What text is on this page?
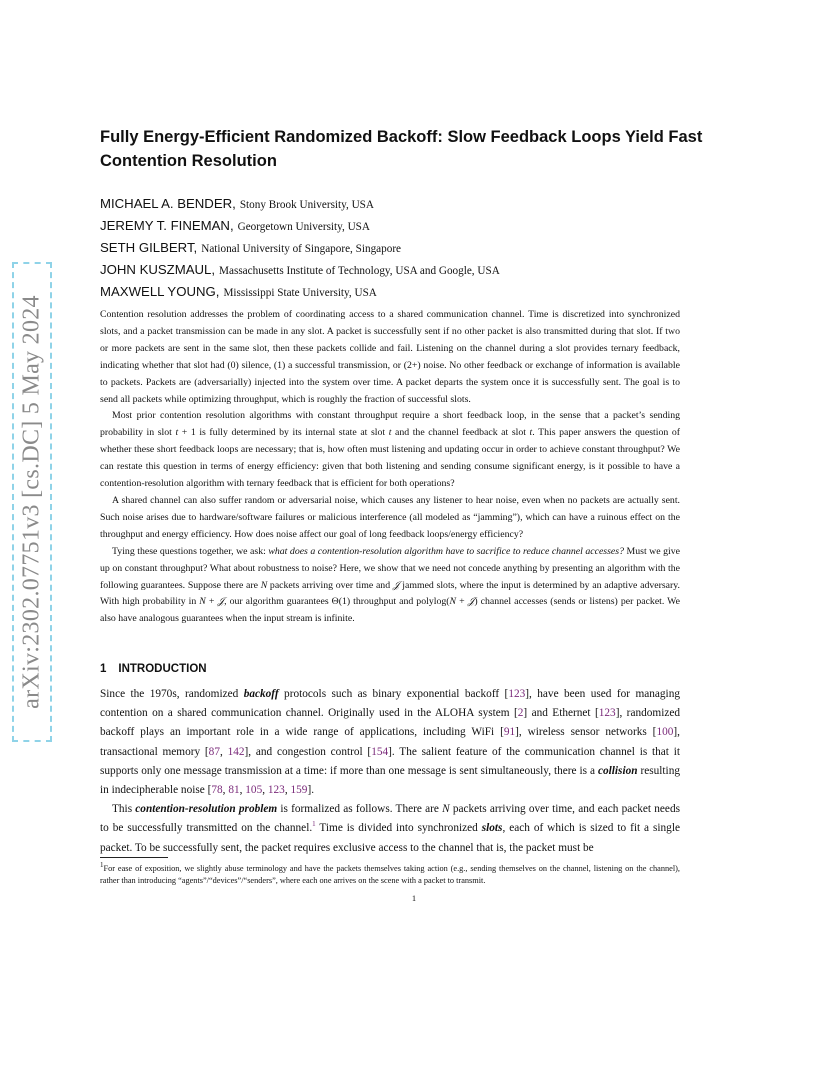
arXiv:2302.07751v3 [cs.DC] 5 May 2024
Fully Energy-Efficient Randomized Backoff: Slow Feedback Loops Yield Fast Contention Resolution
MICHAEL A. BENDER, Stony Brook University, USA
JEREMY T. FINEMAN, Georgetown University, USA
SETH GILBERT, National University of Singapore, Singapore
JOHN KUSZMAUL, Massachusetts Institute of Technology, USA and Google, USA
MAXWELL YOUNG, Mississippi State University, USA

Contention resolution addresses the problem of coordinating access to a shared communication channel. Time is discretized into synchronized slots, and a packet transmission can be made in any slot. A packet is successfully sent if no other packet is also transmitted during that slot. If two or more packets are sent in the same slot, then these packets collide and fail. Listening on the channel during a slot provides ternary feedback, indicating whether that slot had (0) silence, (1) a successful transmission, or (2+) noise. No other feedback or exchange of information is available to packets. Packets are (adversarially) injected into the system over time. A packet departs the system once it is successfully sent. The goal is to send all packets while optimizing throughput, which is roughly the fraction of successful slots.

Most prior contention resolution algorithms with constant throughput require a short feedback loop, in the sense that a packet’s sending probability in slot t + 1 is fully determined by its internal state at slot t and the channel feedback at slot t. This paper answers the question of whether these short feedback loops are necessary; that is, how often must listening and updating occur in order to achieve constant throughput? We can restate this question in terms of energy efficiency: given that both listening and sending consume significant energy, is it possible to have a contention-resolution algorithm with ternary feedback that is efficient for both operations?

A shared channel can also suffer random or adversarial noise, which causes any listener to hear noise, even when no packets are actually sent. Such noise arises due to hardware/software failures or malicious interference (all modeled as “jamming”), which can have a ruinous effect on the throughput and energy efficiency. How does noise affect our goal of long feedback loops/energy efficiency?

Tying these questions together, we ask: what does a contention-resolution algorithm have to sacrifice to reduce channel accesses? Must we give up on constant throughput? What about robustness to noise? Here, we show that we need not concede anything by presenting an algorithm with the following guarantees. Suppose there are N packets arriving over time and 𝒥 jammed slots, where the input is determined by an adaptive adversary. With high probability in N + 𝒥, our algorithm guarantees Θ(1) throughput and polylog(N + 𝒥) channel accesses (sends or listens) per packet. We also have analogous guarantees when the input stream is infinite.

1 INTRODUCTION

Since the 1970s, randomized backoff protocols such as binary exponential backoff [123], have been used for managing contention on a shared communication channel. Originally used in the ALOHA system [2] and Ethernet [123], randomized backoff plays an important role in a wide range of applications, including WiFi [91], wireless sensor networks [100], transactional memory [87, 142], and congestion control [154]. The salient feature of the communication channel is that it supports only one message transmission at a time: if more than one message is sent simultaneously, there is a collision resulting in indecipherable noise [78, 81, 105, 123, 159].

This contention-resolution problem is formalized as follows. There are N packets arriving over time, and each packet needs to be successfully transmitted on the channel.$^1$ Time is divided into synchronized slots, each of which is sized to fit a single packet. To be successfully sent, the packet requires exclusive access to the channel that is, the packet must be

$^1$For ease of exposition, we slightly abuse terminology and have the packets themselves taking action (e.g., sending themselves on the channel, listening on the channel), rather than introducing “agents”/“devices”/“senders”, where each one arrives on the scene with a packet to transmit.
1
